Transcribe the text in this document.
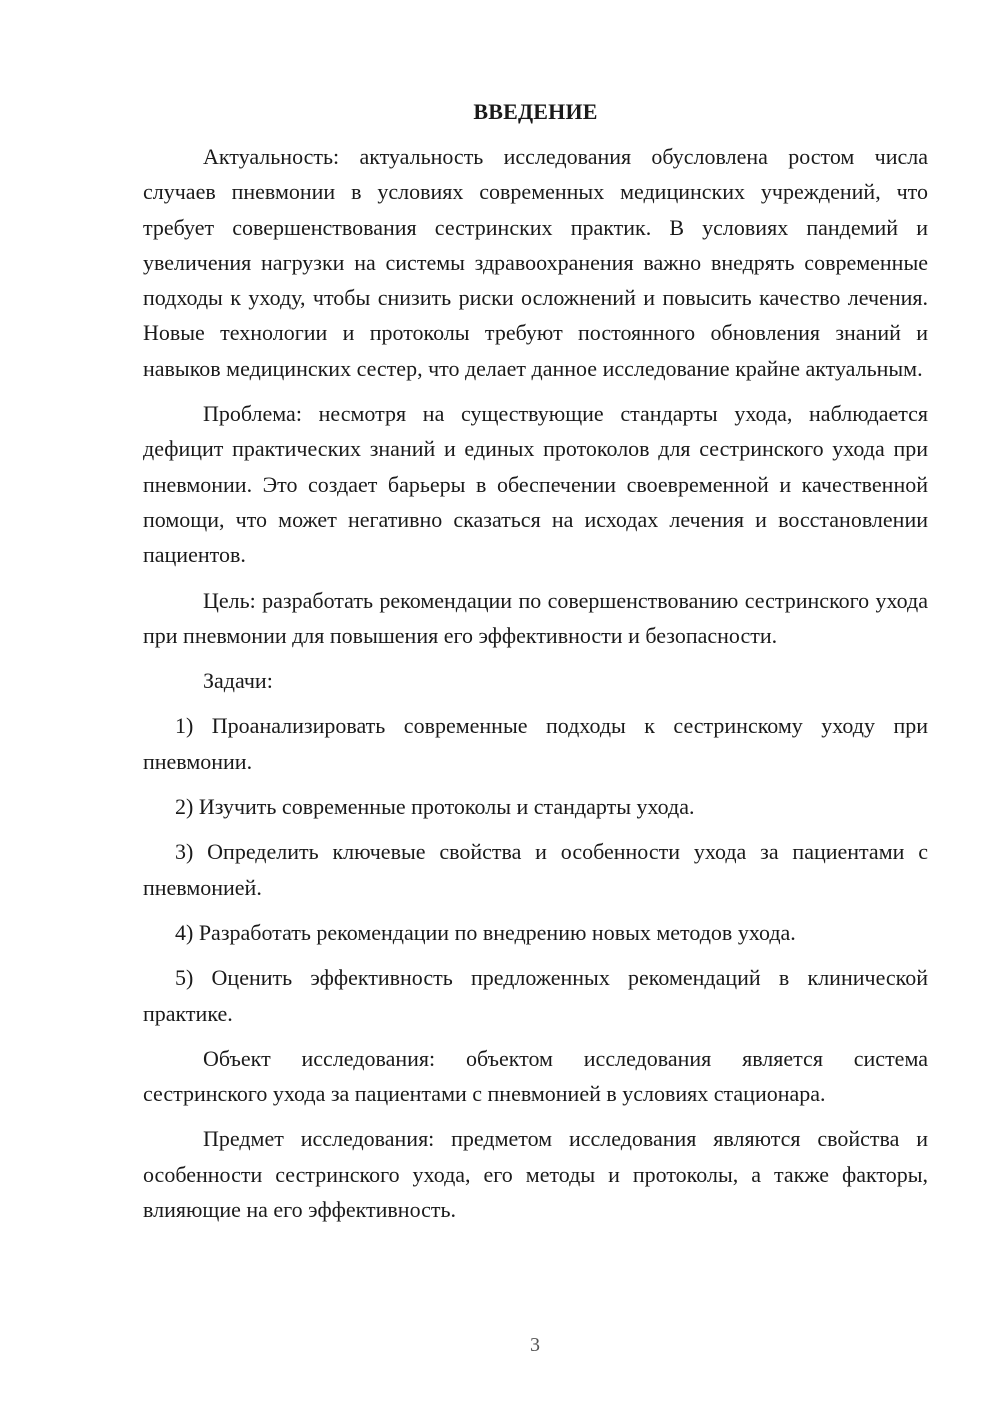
ВВЕДЕНИЕ

Актуальность: актуальность исследования обусловлена ростом числа случаев пневмонии в условиях современных медицинских учреждений, что требует совершенствования сестринских практик. В условиях пандемий и увеличения нагрузки на системы здравоохранения важно внедрять современные подходы к уходу, чтобы снизить риски осложнений и повысить качество лечения. Новые технологии и протоколы требуют постоянного обновления знаний и навыков медицинских сестер, что делает данное исследование крайне актуальным.

Проблема: несмотря на существующие стандарты ухода, наблюдается дефицит практических знаний и единых протоколов для сестринского ухода при пневмонии. Это создает барьеры в обеспечении своевременной и качественной помощи, что может негативно сказаться на исходах лечения и восстановлении пациентов.

Цель: разработать рекомендации по совершенствованию сестринского ухода при пневмонии для повышения его эффективности и безопасности.

Задачи:

1) Проанализировать современные подходы к сестринскому уходу при пневмонии.

2) Изучить современные протоколы и стандарты ухода.

3) Определить ключевые свойства и особенности ухода за пациентами с пневмонией.

4) Разработать рекомендации по внедрению новых методов ухода.

5) Оценить эффективность предложенных рекомендаций в клинической практике.

Объект исследования: объектом исследования является система сестринского ухода за пациентами с пневмонией в условиях стационара.

Предмет исследования: предметом исследования являются свойства и особенности сестринского ухода, его методы и протоколы, а также факторы, влияющие на его эффективность.

3
